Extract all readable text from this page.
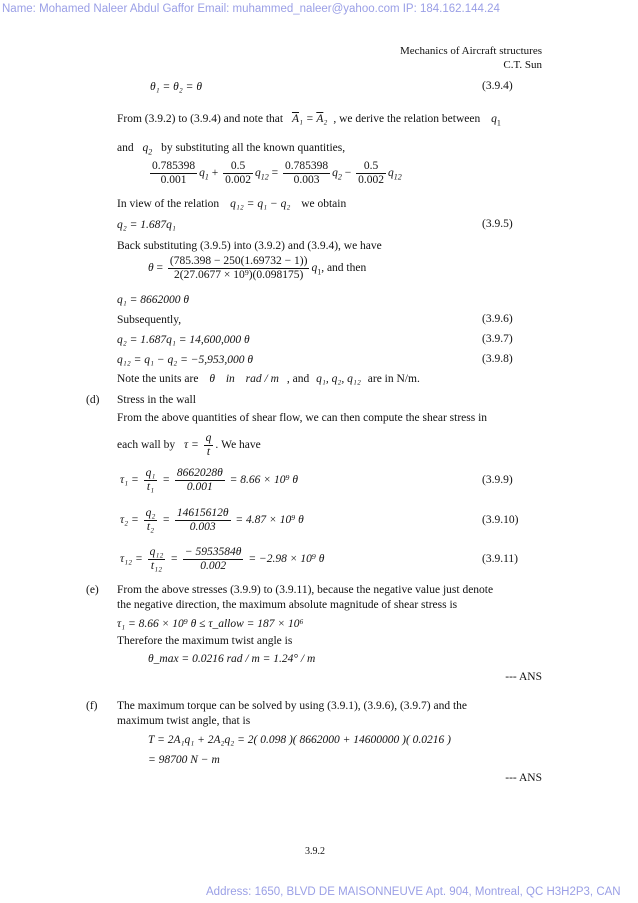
Name: Mohamed Naleer Abdul Gaffor Email: muhammed_naleer@yahoo.com IP: 184.162.144.24
Address: 1650, BLVD DE MAISONNEUVE Apt. 904, Montreal, QC H3H2P3, CAN
Mechanics of Aircraft structures
C.T. Sun
θ₁ = θ₂ = θ	(3.9.4)
From (3.9.2) to (3.9.4) and note that $\overline{A}_1 = \overline{A}_2$ , we derive the relation between $q_1$
and $q_2$ by substituting all the known quantities,
$\frac{0.785398}{0.001} q_1 + \frac{0.5}{0.002} q_{12} = \frac{0.785398}{0.003} q_2 - \frac{0.5}{0.002} q_{12}$
In view of the relation q₁₂ = q₁ − q₂ we obtain
q₂ = 1.687q₁	(3.9.5)
Back substituting (3.9.5) into (3.9.2) and (3.9.4), we have
$\theta = \frac{(785.398 - 250(1.69732 - 1))}{\text{2(27.0677 × 10⁹)(0.098175)}} q_1$, and then
q₁ = 8662000 θ
Subsequently,	(3.9.6)
q₂ = 1.687q₁ = 14,600,000 θ	(3.9.7)
q₁₂ = q₁ − q₂ = −5,953,000 θ	(3.9.8)
Note the units are θ in rad / m , and q₁, q₂, q₁₂ are in N/m.
(d) Stress in the wall
From the above quantities of shear flow, we can then compute the shear stress in
each wall by $\tau = \frac{q}{t}$ . We have
$\tau_1 = \frac{\text{q₁}}{\text{t₁}} = \frac{8662028\theta}{0.001} = 8.66 \times 10^9$ θ	(3.9.9)
$\tau_2 = \frac{\text{q₂}}{\text{t₂}} = \frac{14615612\theta}{0.003} = 4.87 \times 10^9$ θ	(3.9.10)
$\tau_{12} = \frac{\text{q₁₂}}{\text{t₁₂}} = \frac{- 5953584\theta}{0.002} = -2.98 \times 10^9$ θ	(3.9.11)
(e) From the above stresses (3.9.9) to (3.9.11), because the negative value just denote
the negative direction, the maximum absolute magnitude of shear stress is
τ₁ = 8.66 × 10⁹ θ ≤ τ_allow = 187 × 10⁶
Therefore the maximum twist angle is
θ_max = 0.0216 rad / m = 1.24° / m
--- ANS
(f) The maximum torque can be solved by using (3.9.1), (3.9.6), (3.9.7) and the
maximum twist angle, that is
T = 2A₁q₁ + 2A₂q₂ = 2( 0.098 )( 8662000 + 14600000 )( 0.0216 )
= 98700 N − m
--- ANS
3.9.2
